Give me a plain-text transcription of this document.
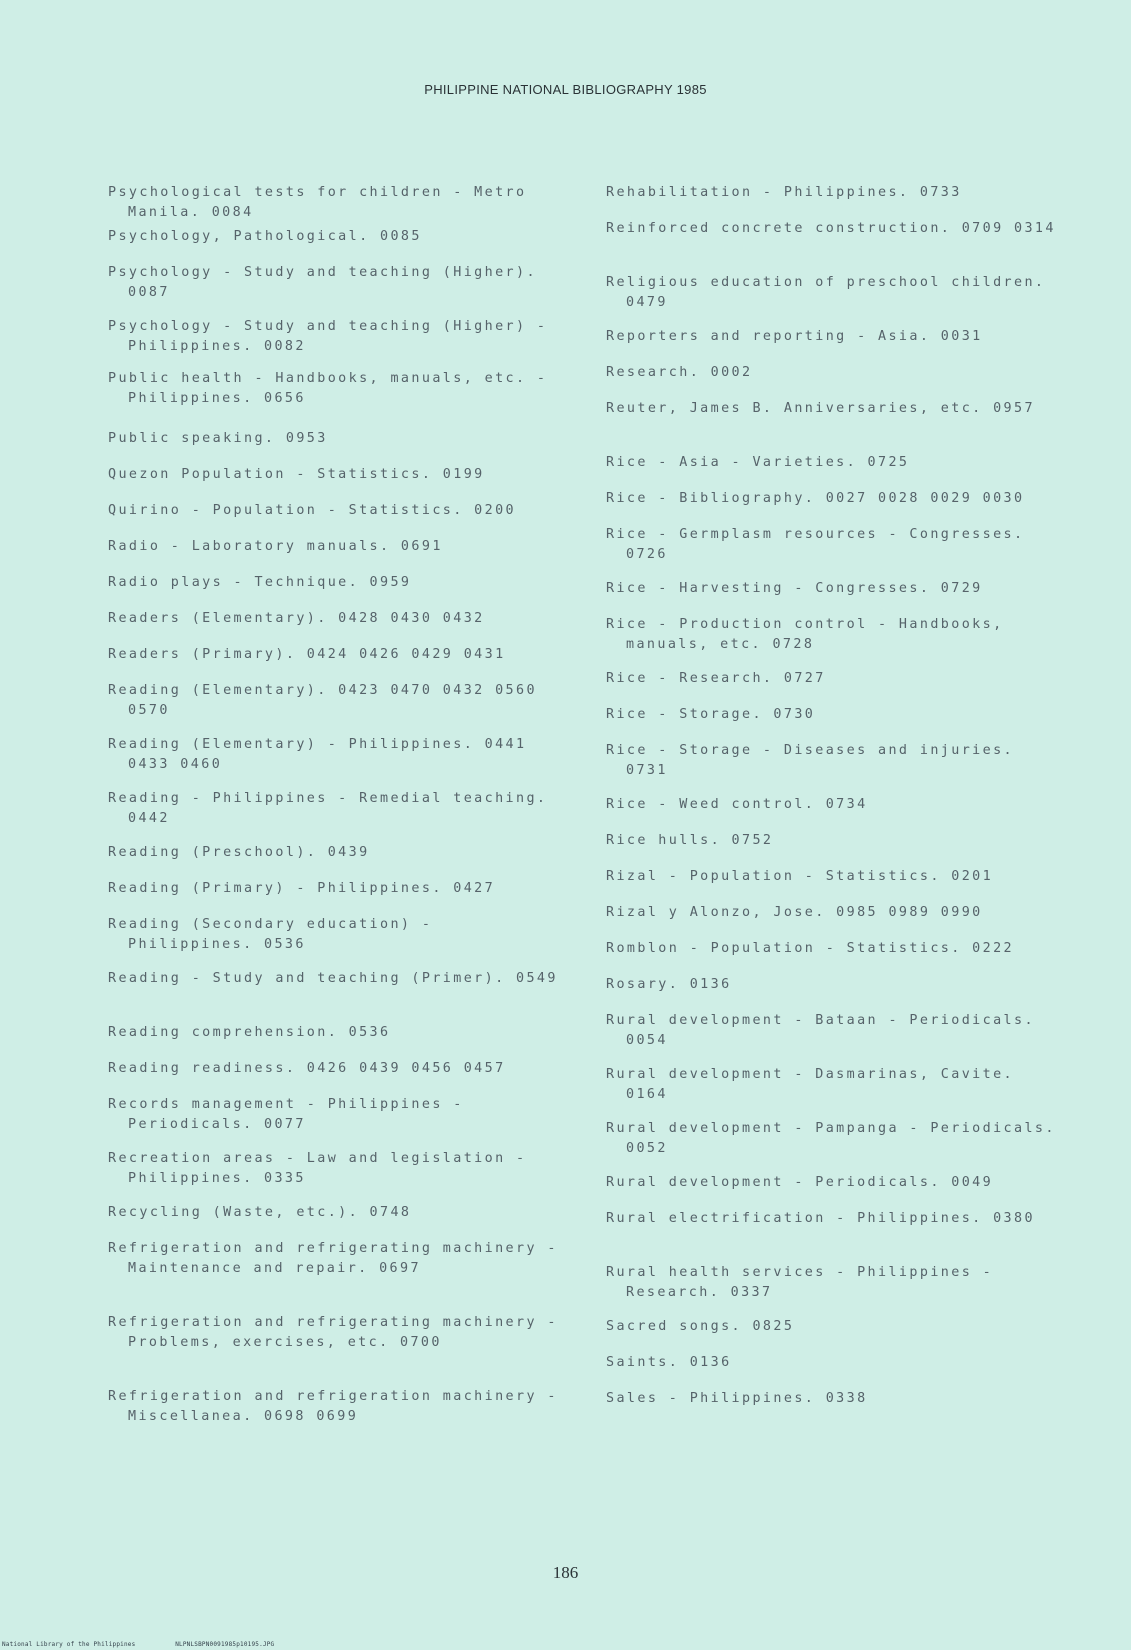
PHILIPPINE NATIONAL BIBLIOGRAPHY 1985
Psychological tests for children - Metro Manila. 0084
Psychology, Pathological. 0085
Psychology - Study and teaching (Higher). 0087
Psychology - Study and teaching (Higher) - Philippines. 0082
Public health - Handbooks, manuals, etc. - Philippines. 0656
Public speaking. 0953
Quezon Population - Statistics. 0199
Quirino - Population - Statistics. 0200
Radio - Laboratory manuals. 0691
Radio plays - Technique. 0959
Readers (Elementary). 0428 0430 0432
Readers (Primary). 0424 0426 0429 0431
Reading (Elementary). 0423 0470 0432 0560 0570
Reading (Elementary) - Philippines. 0441 0433 0460
Reading - Philippines - Remedial teaching. 0442
Reading (Preschool). 0439
Reading (Primary) - Philippines. 0427
Reading (Secondary education) - Philippines. 0536
Reading - Study and teaching (Primer). 0549
Reading comprehension. 0536
Reading readiness. 0426 0439 0456 0457
Records management - Philippines - Periodicals. 0077
Recreation areas - Law and legislation - Philippines. 0335
Recycling (Waste, etc.). 0748
Refrigeration and refrigerating machinery - Maintenance and repair. 0697
Refrigeration and refrigerating machinery - Problems, exercises, etc. 0700
Refrigeration and refrigeration machinery - Miscellanea. 0698 0699
Rehabilitation - Philippines. 0733
Reinforced concrete construction. 0709 0314
Religious education of preschool children. 0479
Reporters and reporting - Asia. 0031
Research. 0002
Reuter, James B. Anniversaries, etc. 0957
Rice - Asia - Varieties. 0725
Rice - Bibliography. 0027 0028 0029 0030
Rice - Germplasm resources - Congresses. 0726
Rice - Harvesting - Congresses. 0729
Rice - Production control - Handbooks, manuals, etc. 0728
Rice - Research. 0727
Rice - Storage. 0730
Rice - Storage - Diseases and injuries. 0731
Rice - Weed control. 0734
Rice hulls. 0752
Rizal - Population - Statistics. 0201
Rizal y Alonzo, Jose. 0985 0989 0990
Romblon - Population - Statistics. 0222
Rosary. 0136
Rural development - Bataan - Periodicals. 0054
Rural development - Dasmarinas, Cavite. 0164
Rural development - Pampanga - Periodicals. 0052
Rural development - Periodicals. 0049
Rural electrification - Philippines. 0380
Rural health services - Philippines - Research. 0337
Sacred songs. 0825
Saints. 0136
Sales - Philippines. 0338
186
National Library of the Philippines	NLPNLSBPN0091985p10195.JPG
